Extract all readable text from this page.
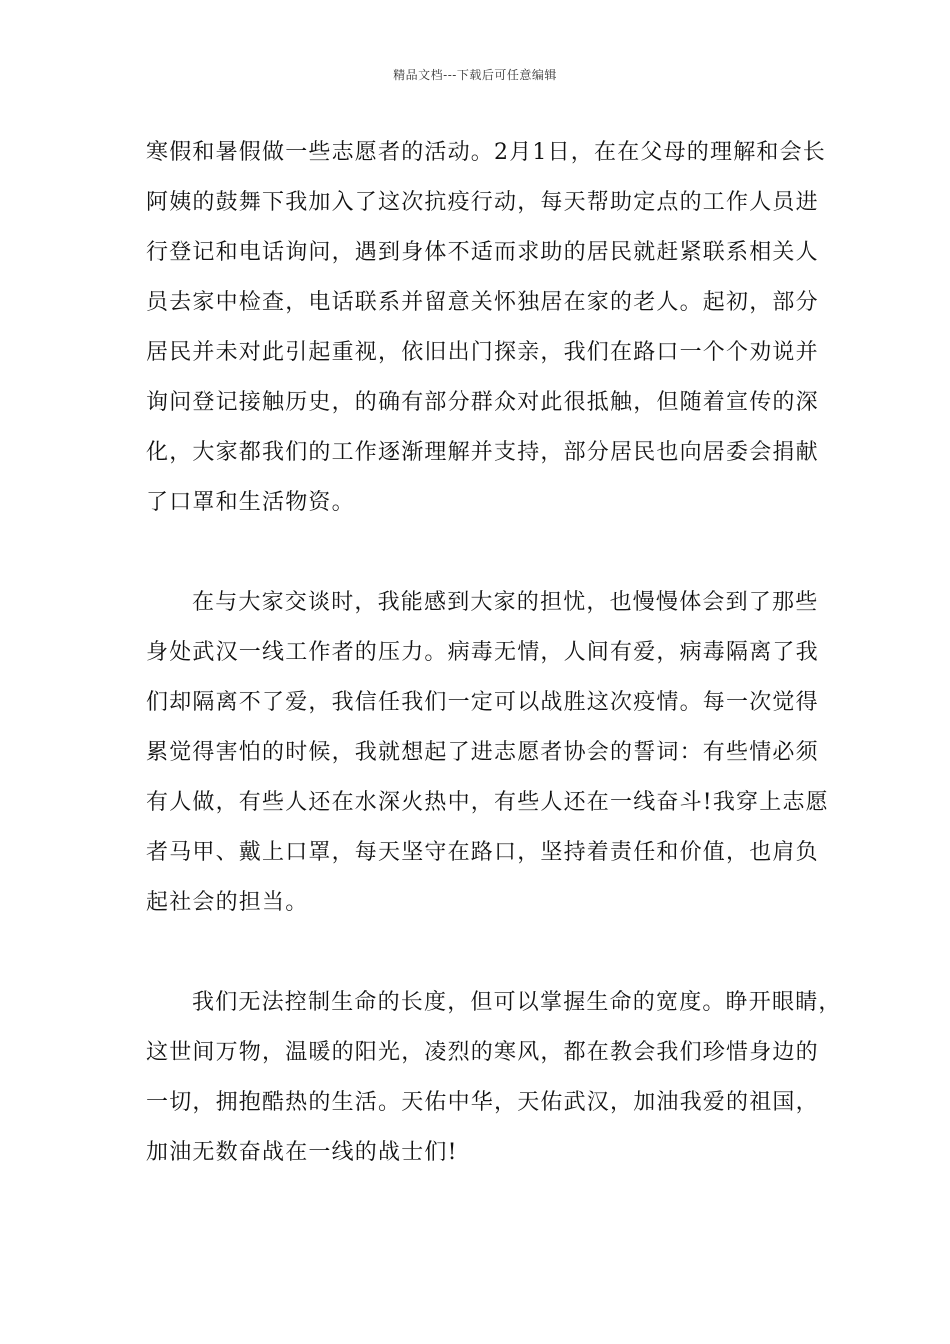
精品文档---下载后可任意编辑
寒假和暑假做一些志愿者的活动。2月1日，在在父母的理解和会长
阿姨的鼓舞下我加入了这次抗疫行动，每天帮助定点的工作人员进
行登记和电话询问，遇到身体不适而求助的居民就赶紧联系相关人
员去家中检查，电话联系并留意关怀独居在家的老人。起初，部分
居民并未对此引起重视，依旧出门探亲，我们在路口一个个劝说并
询问登记接触历史，的确有部分群众对此很抵触，但随着宣传的深
化，大家都我们的工作逐渐理解并支持，部分居民也向居委会捐献
了口罩和生活物资。
在与大家交谈时，我能感到大家的担忧，也慢慢体会到了那些
身处武汉一线工作者的压力。病毒无情，人间有爱，病毒隔离了我
们却隔离不了爱，我信任我们一定可以战胜这次疫情。每一次觉得
累觉得害怕的时候，我就想起了进志愿者协会的誓词：有些情必须
有人做，有些人还在水深火热中，有些人还在一线奋斗!我穿上志愿
者马甲、戴上口罩，每天坚守在路口，坚持着责任和价值，也肩负
起社会的担当。
我们无法控制生命的长度，但可以掌握生命的宽度。睁开眼睛，
这世间万物，温暖的阳光，凌烈的寒风，都在教会我们珍惜身边的
一切，拥抱酷热的生活。天佑中华，天佑武汉，加油我爱的祖国，
加油无数奋战在一线的战士们!
